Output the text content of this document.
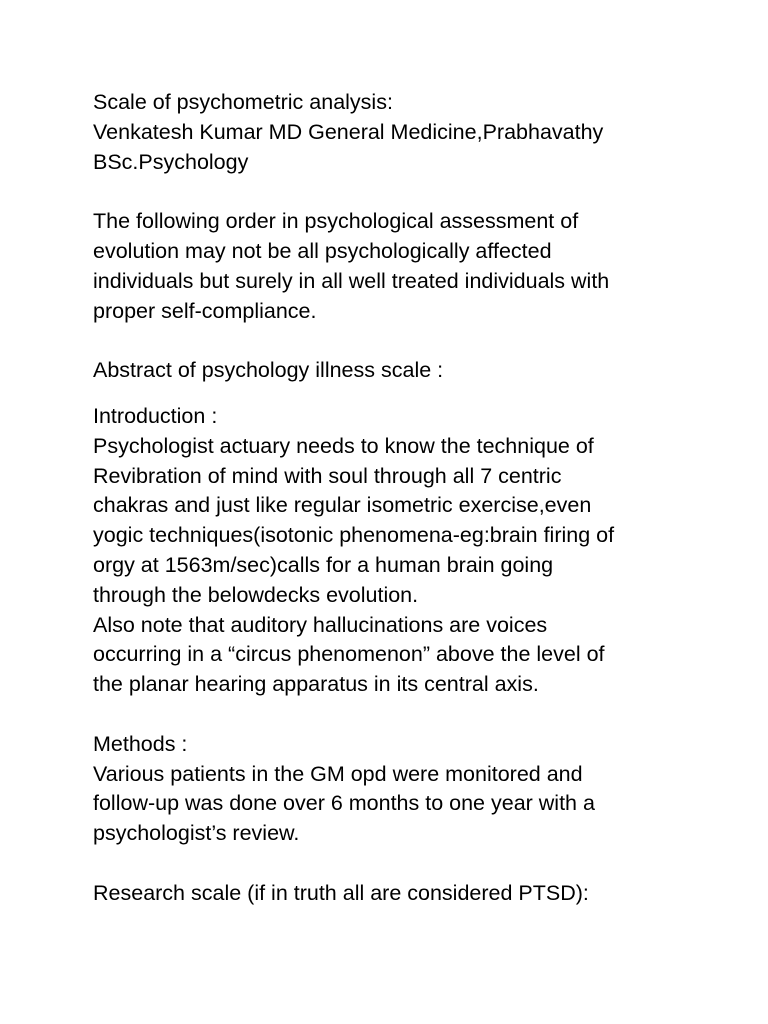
Scale of psychometric analysis:
Venkatesh Kumar MD General Medicine,Prabhavathy
BSc.Psychology
The following order in psychological assessment of
evolution may not be all psychologically affected
individuals but surely in all well treated individuals with
proper self-compliance.
Abstract of psychology illness scale :
Introduction :
Psychologist actuary needs to know the technique of
Revibration of mind with soul through all 7 centric
chakras and just like regular isometric exercise,even
yogic techniques(isotonic phenomena-eg:brain firing of
orgy at 1563m/sec)calls for a human brain going
through the belowdecks evolution.
Also note that auditory hallucinations are voices
occurring in a “circus phenomenon” above the level of
the planar hearing apparatus in its central axis.
Methods :
Various patients in the GM opd were monitored and
follow-up was done over 6 months to one year with a
psychologist’s review.
Research scale (if in truth all are considered PTSD):
